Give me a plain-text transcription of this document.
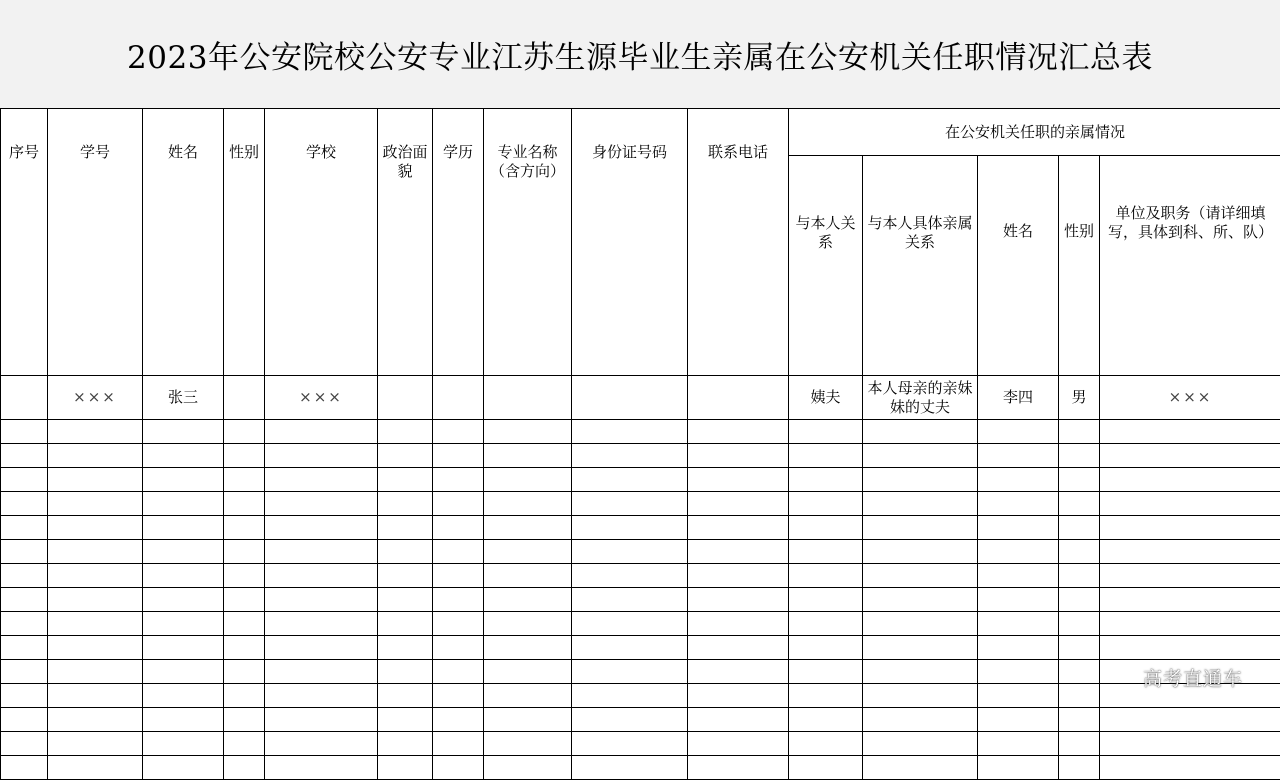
2023年公安院校公安专业江苏生源毕业生亲属在公安机关任职情况汇总表
序号	学号	姓名	性别	学校	政治面貌	学历	专业名称（含方向）	身份证号码	联系电话	在公安机关任职的亲属情况				
										与本人关系	与本人具体亲属关系	姓名	性别	单位及职务（请详细填写，具体到科、所、队）
	×××	张三		×××						姨夫	本人母亲的亲妹妹的丈夫	李四	男	×××

高考直通车
